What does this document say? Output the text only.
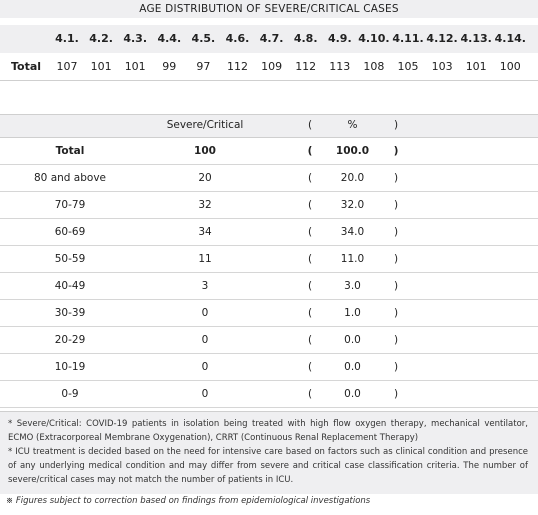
AGE DISTRIBUTION OF SEVERE/CRITICAL CASES
4.1. 4.2. 4.3. 4.4. 4.5. 4.6. 4.7. 4.8. 4.9. 4.10. 4.11. 4.12. 4.13. 4.14.
Total	107	101	101	99	97	112	109	112	113	108	105	103	101	100
Severe/Critical	(	%	)
Total	100	(	100.0	)
80 and above	20	(	20.0	)
70-79	32	(	32.0	)
60-69	34	(	34.0	)
50-59	11	(	11.0	)
40-49	3	(	3.0	)
30-39	0	(	1.0	)
20-29	0	(	0.0	)
10-19	0	(	0.0	)
0-9	0	(	0.0	)
* Severe/Critical: COVID-19 patients in isolation being treated with high flow oxygen therapy, mechanical ventilator, ECMO (Extracorporeal Membrane Oxygenation), CRRT (Continuous Renal Replacement Therapy)
* ICU treatment is decided based on the need for intensive care based on factors such as clinical condition and presence of any underlying medical condition and may differ from severe and critical case classification criteria. The number of severe/critical cases may not match the number of patients in ICU.
※ Figures subject to correction based on findings from epidemiological investigations
